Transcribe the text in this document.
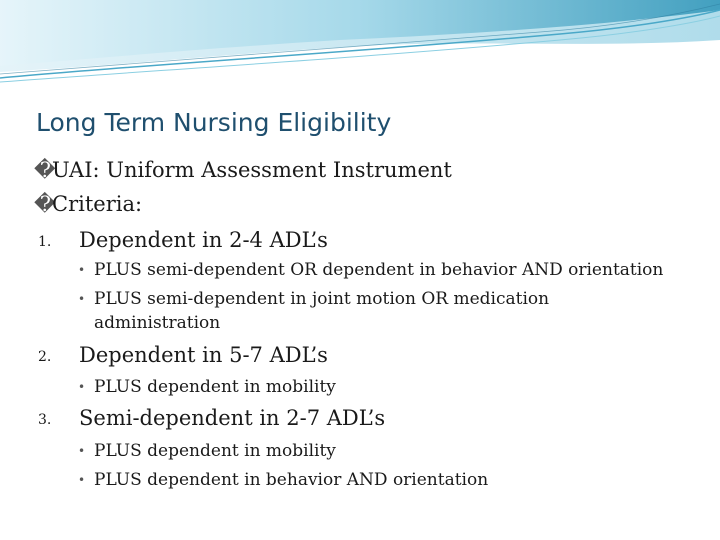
Long Term Nursing Eligibility
�UAI: Uniform Assessment Instrument
�Criteria:
1. Dependent in 2-4 ADL’s
• PLUS semi-dependent OR dependent in behavior AND orientation
• PLUS semi-dependent in joint motion OR medication
administration
2. Dependent in 5-7 ADL’s
• PLUS dependent in mobility
3. Semi-dependent in 2-7 ADL’s
• PLUS dependent in mobility
• PLUS dependent in behavior AND orientation
